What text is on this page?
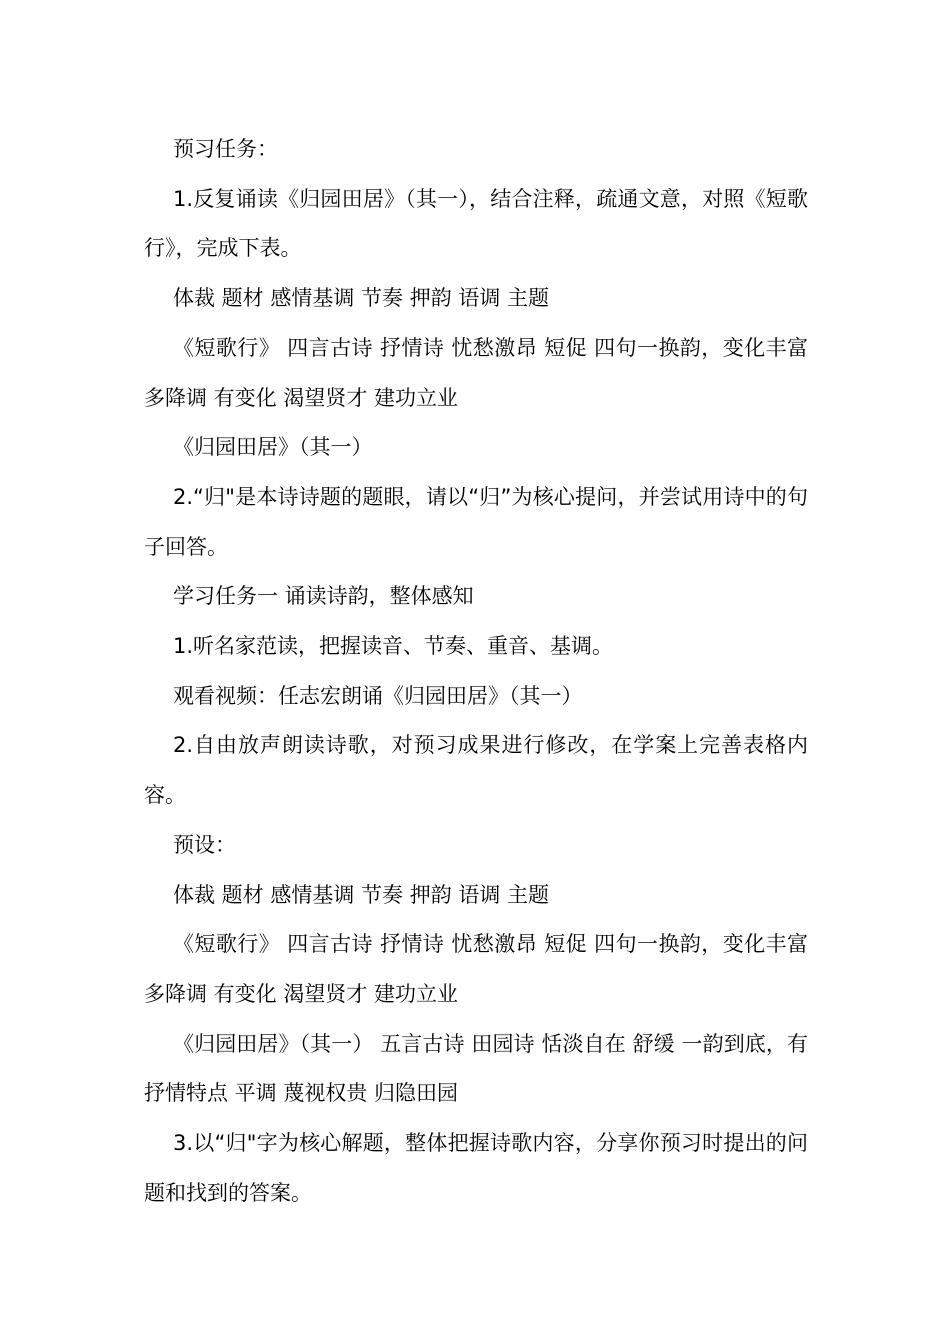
预习任务：

1.反复诵读《归园田居》（其一），结合注释，疏通文意，对照《短歌行》，完成下表。

体裁 题材 感情基调 节奏 押韵 语调 主题

《短歌行》 四言古诗 抒情诗 忧愁激昂 短促 四句一换韵，变化丰富 多降调 有变化 渴望贤才 建功立业

《归园田居》（其一）

2.“归"是本诗诗题的题眼，请以“归”为核心提问，并尝试用诗中的句子回答。

学习任务一 诵读诗韵，整体感知

1.听名家范读，把握读音、节奏、重音、基调。

观看视频：任志宏朗诵《归园田居》（其一）

2.自由放声朗读诗歌，对预习成果进行修改，在学案上完善表格内容。

预设：

体裁 题材 感情基调 节奏 押韵 语调 主题

《短歌行》 四言古诗 抒情诗 忧愁激昂 短促 四句一换韵，变化丰富 多降调 有变化 渴望贤才 建功立业

《归园田居》（其一） 五言古诗 田园诗 恬淡自在 舒缓 一韵到底，有抒情特点 平调 蔑视权贵 归隐田园

3.以“归"字为核心解题，整体把握诗歌内容，分享你预习时提出的问题和找到的答案。
